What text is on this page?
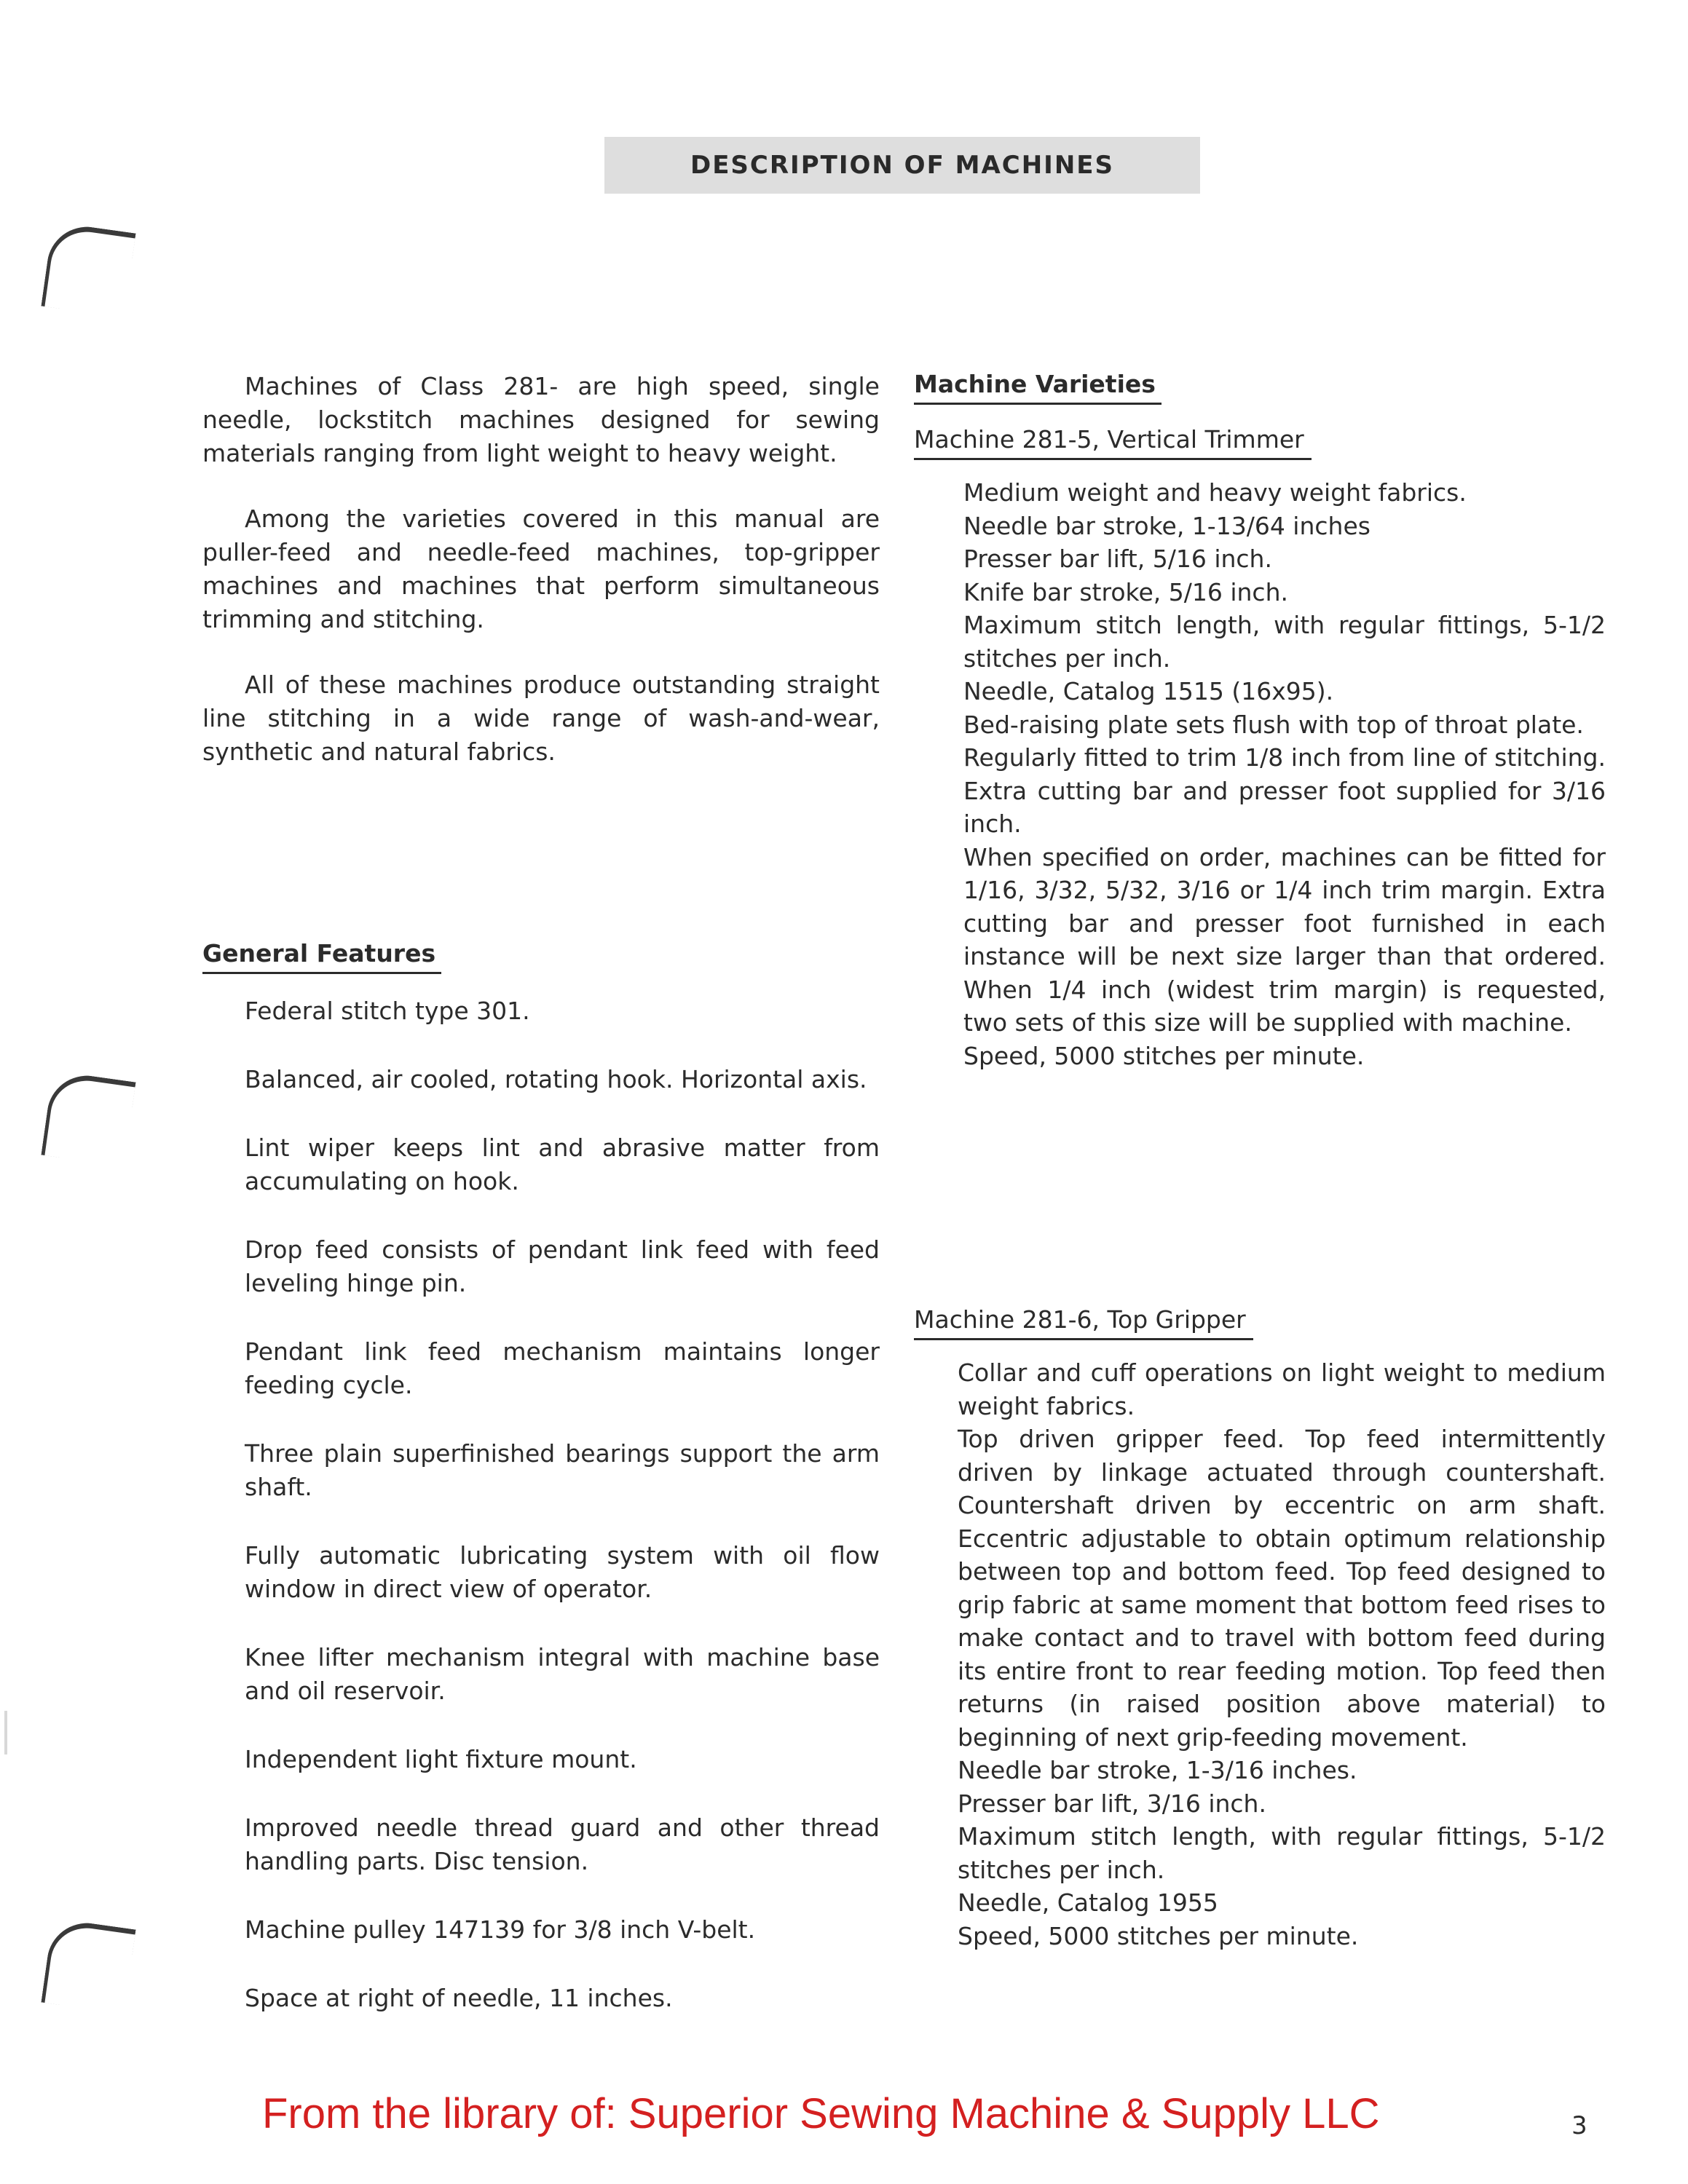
DESCRIPTION OF MACHINES

Machines of Class 281- are high speed, single needle, lockstitch machines designed for sewing materials ranging from light weight to heavy weight.

Among the varieties covered in this manual are puller-feed and needle-feed machines, top-gripper machines and machines that perform simultaneous trimming and stitching.

All of these machines produce outstanding straight line stitching in a wide range of wash-and-wear, synthetic and natural fabrics.

General Features

Federal stitch type 301.

Balanced, air cooled, rotating hook. Horizontal axis.

Lint wiper keeps lint and abrasive matter from accumulating on hook.

Drop feed consists of pendant link feed with feed leveling hinge pin.

Pendant link feed mechanism maintains longer feeding cycle.

Three plain superfinished bearings support the arm shaft.

Fully automatic lubricating system with oil flow window in direct view of operator.

Knee lifter mechanism integral with machine base and oil reservoir.

Independent light fixture mount.

Improved needle thread guard and other thread handling parts. Disc tension.

Machine pulley 147139 for 3/8 inch V-belt.

Space at right of needle, 11 inches.

Machine Varieties
Machine 281-5, Vertical Trimmer

Medium weight and heavy weight fabrics.

Needle bar stroke, 1-13/64 inches

Presser bar lift, 5/16 inch.

Knife bar stroke, 5/16 inch.

Maximum stitch length, with regular fittings, 5-1/2 stitches per inch.

Needle, Catalog 1515 (16x95).

Bed-raising plate sets flush with top of throat plate.

Regularly fitted to trim 1/8 inch from line of stitching. Extra cutting bar and presser foot supplied for 3/16 inch.

When specified on order, machines can be fitted for 1/16, 3/32, 5/32, 3/16 or 1/4 inch trim margin. Extra cutting bar and presser foot furnished in each instance will be next size larger than that ordered. When 1/4 inch (widest trim margin) is requested, two sets of this size will be supplied with machine.

Speed, 5000 stitches per minute.

Machine 281-6, Top Gripper

Collar and cuff operations on light weight to medium weight fabrics.

Top driven gripper feed. Top feed intermittently driven by linkage actuated through countershaft. Countershaft driven by eccentric on arm shaft. Eccentric adjustable to obtain optimum relationship between top and bottom feed. Top feed designed to grip fabric at same moment that bottom feed rises to make contact and to travel with bottom feed during its entire front to rear feeding motion. Top feed then returns (in raised position above material) to beginning of next grip-feeding movement.

Needle bar stroke, 1-3/16 inches.

Presser bar lift, 3/16 inch.

Maximum stitch length, with regular fittings, 5-1/2 stitches per inch.

Needle, Catalog 1955

Speed, 5000 stitches per minute.

From the library of: Superior Sewing Machine & Supply LLC	3
